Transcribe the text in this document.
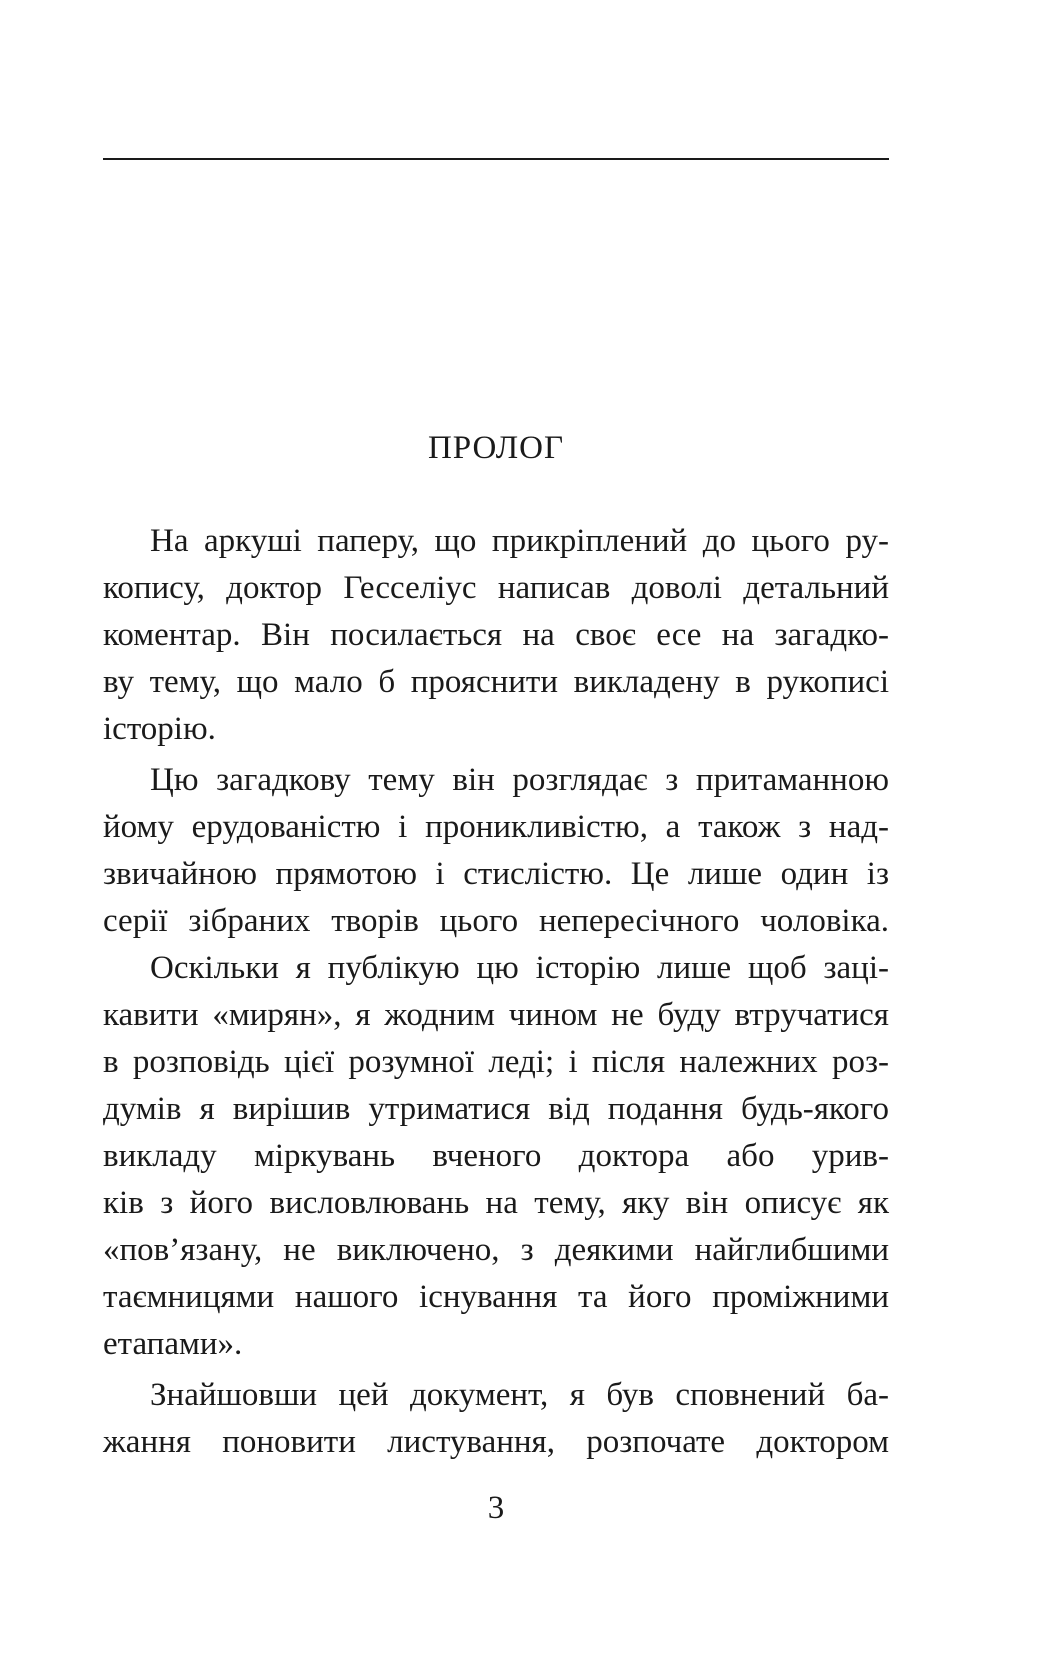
ПРОЛОГ
На аркуші паперу, що прикріплений до цього ру-
копису, доктор Гесселіус написав доволі детальний
коментар. Він посилається на своє есе на загадко-
ву тему, що мало б прояснити викладену в рукописі
історію.
Цю загадкову тему він розглядає з притаманною
йому ерудованістю і проникливістю, а також з над-
звичайною прямотою і стислістю. Це лише один із
серії зібраних творів цього непересічного чоловіка.
Оскільки я публікую цю історію лише щоб заці-
кавити «мирян», я жодним чином не буду втручатися
в розповідь цієї розумної леді; і після належних роз-
думів я вирішив утриматися від подання будь-якого
викладу міркувань вченого доктора або урив-
ків з його висловлювань на тему, яку він описує як
«пов’язану, не виключено, з деякими найглибшими
таємницями нашого існування та його проміжними
етапами».
Знайшовши цей документ, я був сповнений ба-
жання поновити листування, розпочате доктором
3
